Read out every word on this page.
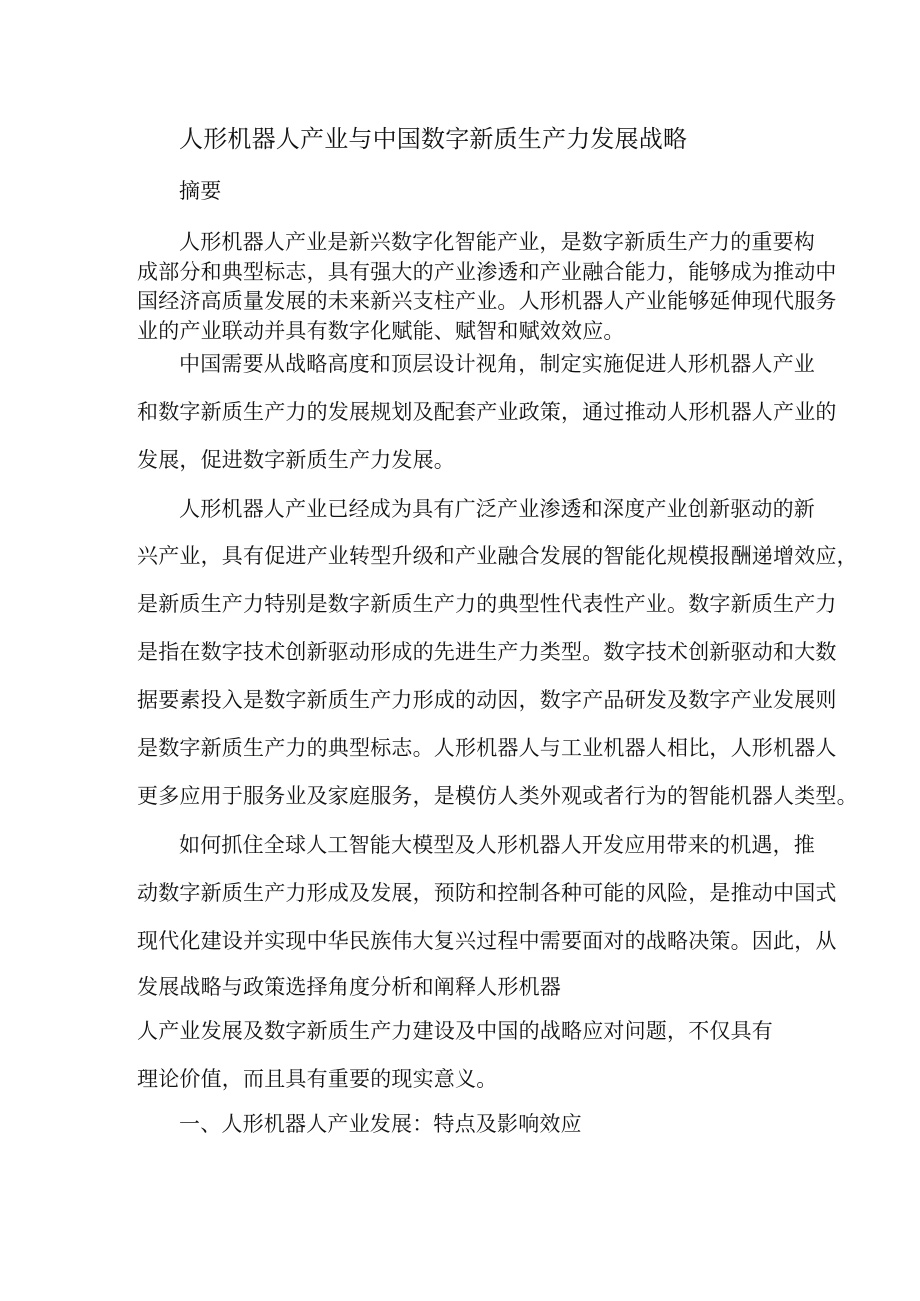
人形机器人产业与中国数字新质生产力发展战略
摘要
人形机器人产业是新兴数字化智能产业，是数字新质生产力的重要构
成部分和典型标志，具有强大的产业渗透和产业融合能力，能够成为推动中
国经济高质量发展的未来新兴支柱产业。人形机器人产业能够延伸现代服务
业的产业联动并具有数字化赋能、赋智和赋效效应。
中国需要从战略高度和顶层设计视角，制定实施促进人形机器人产业
和数字新质生产力的发展规划及配套产业政策，通过推动人形机器人产业的
发展，促进数字新质生产力发展。
人形机器人产业已经成为具有广泛产业渗透和深度产业创新驱动的新
兴产业，具有促进产业转型升级和产业融合发展的智能化规模报酬递增效应，
是新质生产力特别是数字新质生产力的典型性代表性产业。数字新质生产力
是指在数字技术创新驱动形成的先进生产力类型。数字技术创新驱动和大数
据要素投入是数字新质生产力形成的动因，数字产品研发及数字产业发展则
是数字新质生产力的典型标志。人形机器人与工业机器人相比，人形机器人
更多应用于服务业及家庭服务，是模仿人类外观或者行为的智能机器人类型。
如何抓住全球人工智能大模型及人形机器人开发应用带来的机遇，推
动数字新质生产力形成及发展，预防和控制各种可能的风险，是推动中国式
现代化建设并实现中华民族伟大复兴过程中需要面对的战略决策。因此，从
发展战略与政策选择角度分析和阐释人形机器
人产业发展及数字新质生产力建设及中国的战略应对问题，不仅具有
理论价值，而且具有重要的现实意义。
一、人形机器人产业发展：特点及影响效应
